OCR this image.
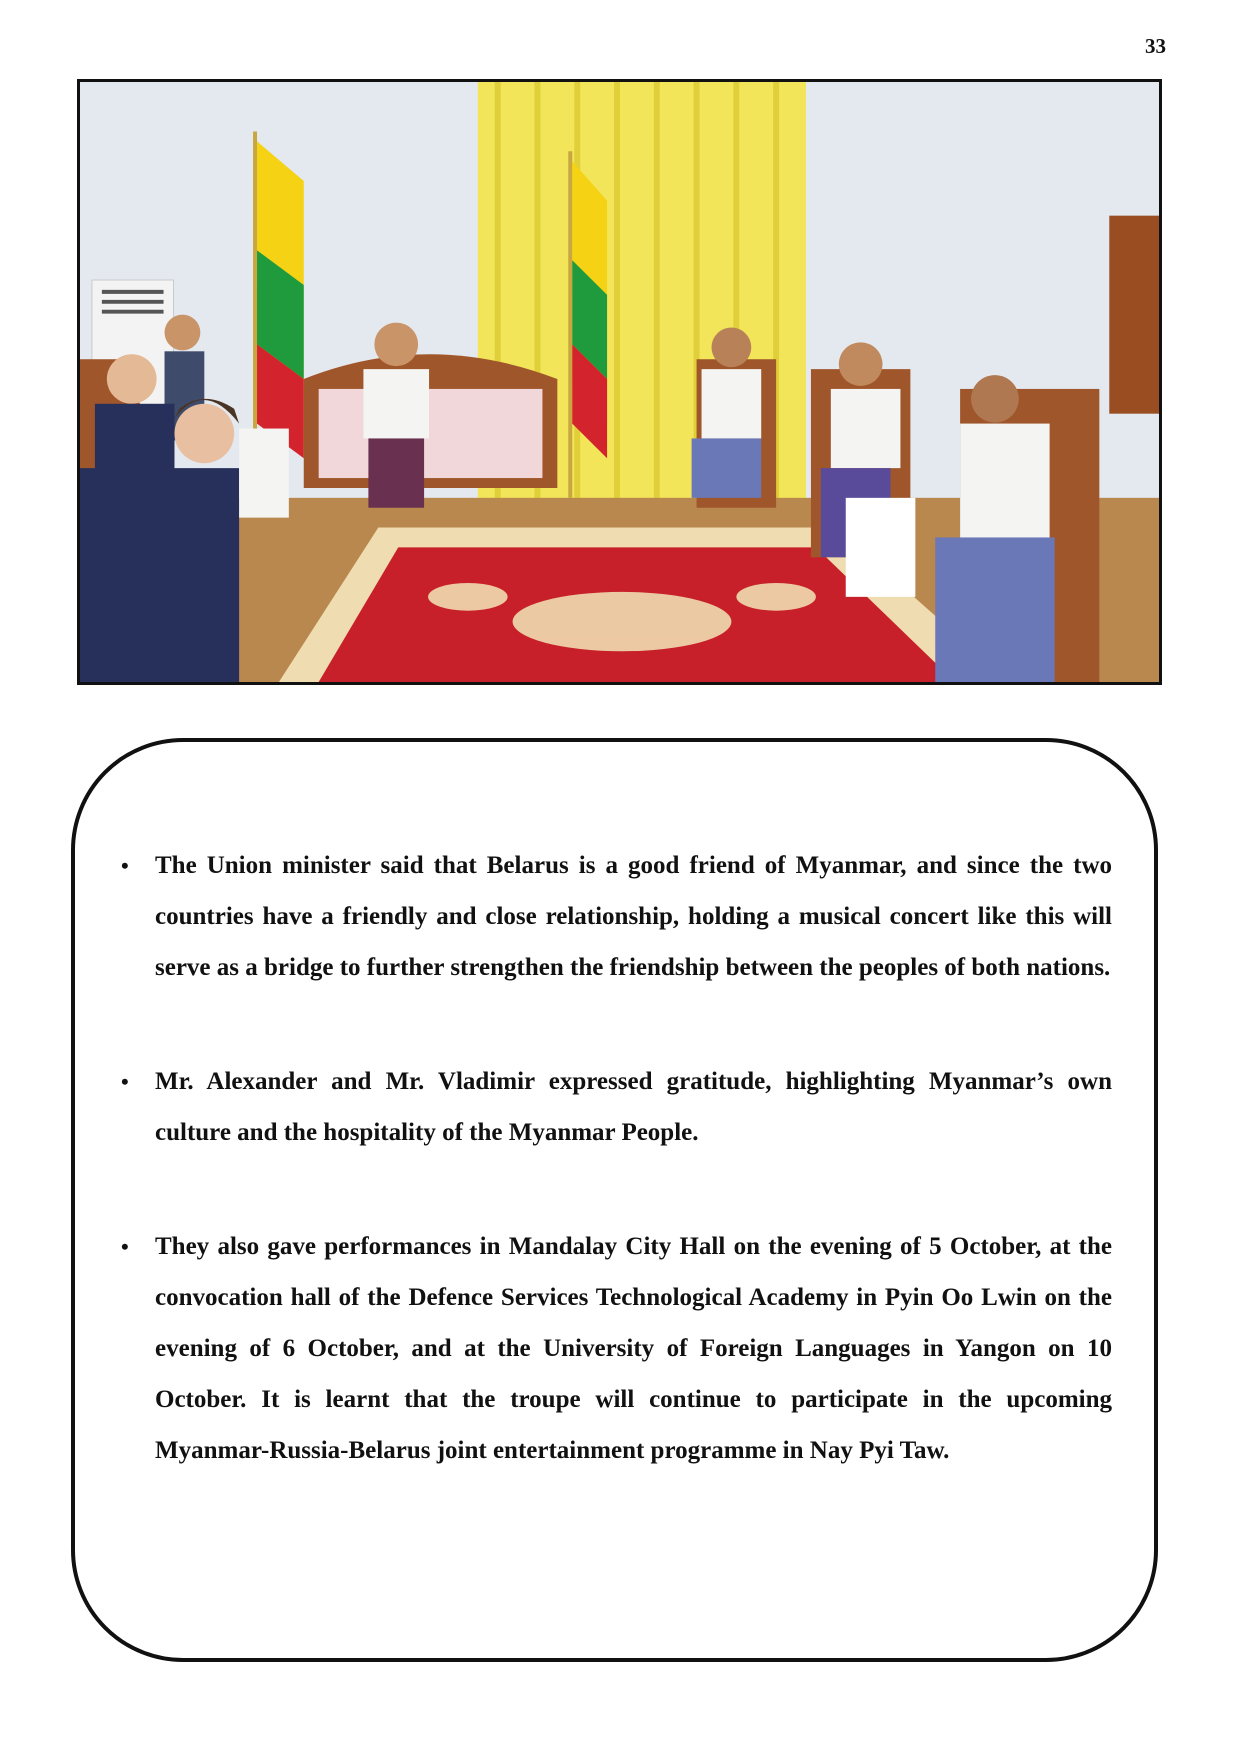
33
• The Union minister said that Belarus is a good friend of Myanmar, and since the two countries have a friendly and close relationship, holding a musical concert like this will serve as a bridge to further strengthen the friendship between the peoples of both nations.
• Mr. Alexander and Mr. Vladimir expressed gratitude, highlighting Myanmar’s own culture and the hospitality of the Myanmar People.
• They also gave performances in Mandalay City Hall on the evening of 5 October, at the convocation hall of the Defence Services Technological Academy in Pyin Oo Lwin on the evening of 6 October, and at the University of Foreign Languages in Yangon on 10 October. It is learnt that the troupe will continue to participate in the upcoming Myanmar-Russia-Belarus joint entertainment programme in Nay Pyi Taw.
